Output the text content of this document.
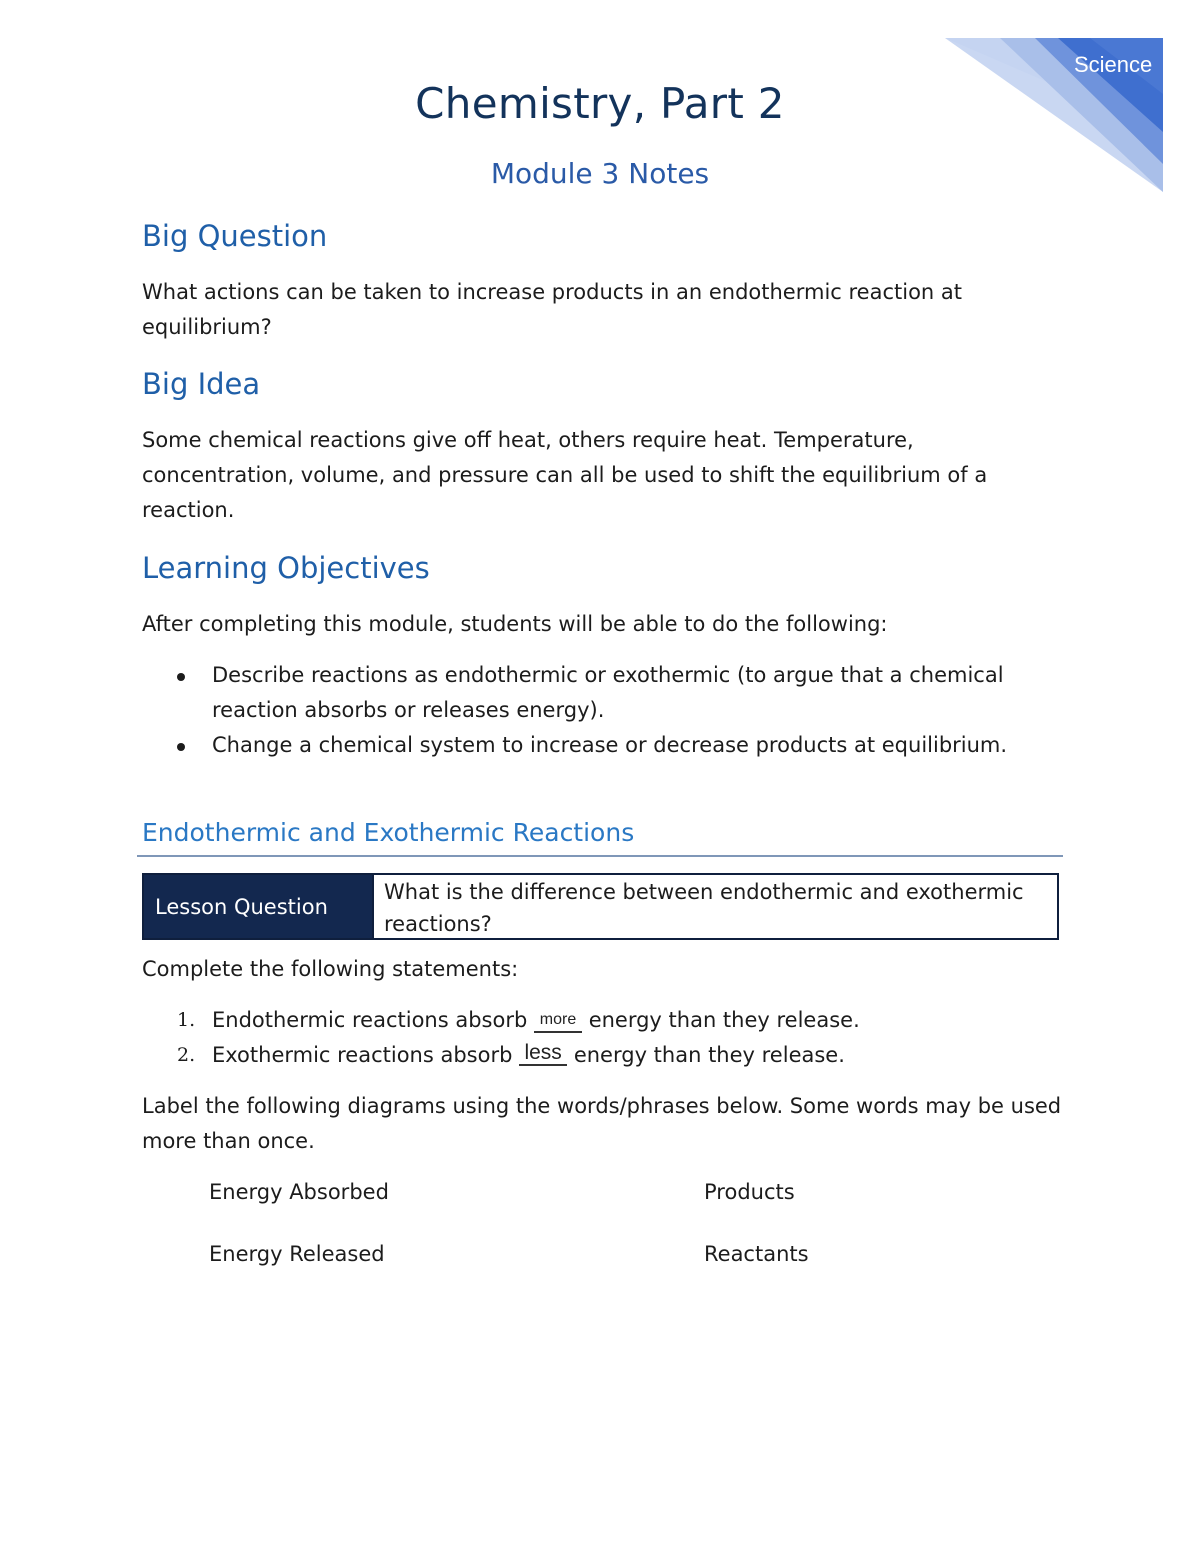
Science
Chemistry, Part 2
Module 3 Notes
Big Question
What actions can be taken to increase products in an endothermic reaction at equilibrium?
Big Idea
Some chemical reactions give off heat, others require heat. Temperature, concentration, volume, and pressure can all be used to shift the equilibrium of a reaction.
Learning Objectives
After completing this module, students will be able to do the following:
Describe reactions as endothermic or exothermic (to argue that a chemical reaction absorbs or releases energy).
Change a chemical system to increase or decrease products at equilibrium.
Endothermic and Exothermic Reactions
Lesson Question
What is the difference between endothermic and exothermic reactions?
Complete the following statements:
1. Endothermic reactions absorb more energy than they release.
2. Exothermic reactions absorb less energy than they release.
Label the following diagrams using the words/phrases below. Some words may be used more than once.
Energy Absorbed	Products
Energy Released	Reactants
